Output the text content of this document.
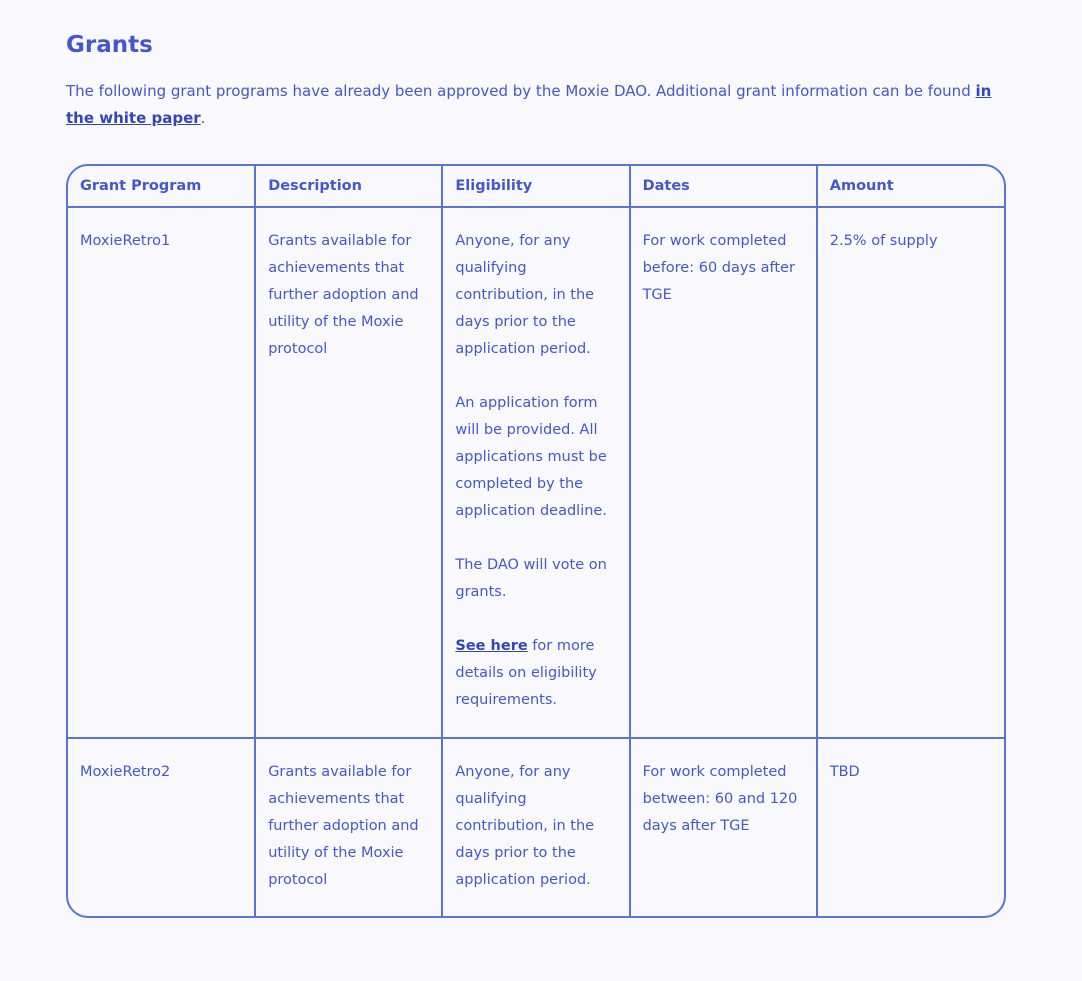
Grants

The following grant programs have already been approved by the Moxie DAO. Additional grant information can be found in the white paper.

Grant Program	Description	Eligibility	Dates	Amount
MoxieRetro1	Grants available for achievements that further adoption and utility of the Moxie protocol	Anyone, for any qualifying contribution, in the days prior to the application period.

An application form will be provided. All applications must be completed by the application deadline.

The DAO will vote on grants.

See here for more details on eligibility requirements.	For work completed before: 60 days after TGE	2.5% of supply
MoxieRetro2	Grants available for achievements that further adoption and utility of the Moxie protocol	Anyone, for any qualifying contribution, in the days prior to the application period.	For work completed between: 60 and 120 days after TGE	TBD
